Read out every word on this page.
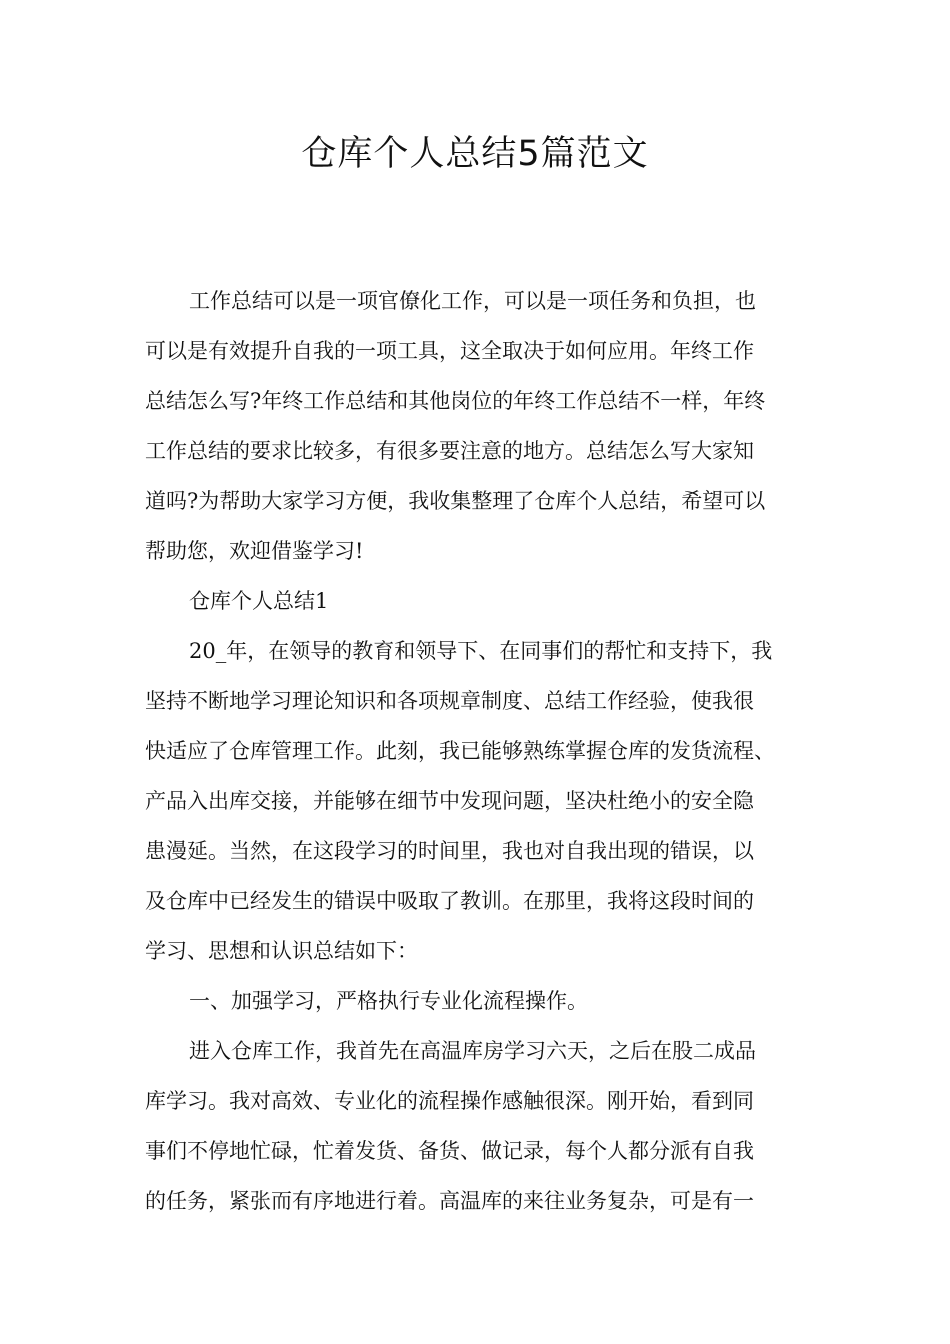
仓库个人总结5篇范文
工作总结可以是一项官僚化工作，可以是一项任务和负担，也
可以是有效提升自我的一项工具，这全取决于如何应用。年终工作
总结怎么写?年终工作总结和其他岗位的年终工作总结不一样，年终
工作总结的要求比较多，有很多要注意的地方。总结怎么写大家知
道吗?为帮助大家学习方便，我收集整理了仓库个人总结，希望可以
帮助您，欢迎借鉴学习!
仓库个人总结1
20_年，在领导的教育和领导下、在同事们的帮忙和支持下，我
坚持不断地学习理论知识和各项规章制度、总结工作经验，使我很
快适应了仓库管理工作。此刻，我已能够熟练掌握仓库的发货流程、
产品入出库交接，并能够在细节中发现问题，坚决杜绝小的安全隐
患漫延。当然，在这段学习的时间里，我也对自我出现的错误，以
及仓库中已经发生的错误中吸取了教训。在那里，我将这段时间的
学习、思想和认识总结如下：
一、加强学习，严格执行专业化流程操作。
进入仓库工作，我首先在高温库房学习六天，之后在股二成品
库学习。我对高效、专业化的流程操作感触很深。刚开始，看到同
事们不停地忙碌，忙着发货、备货、做记录，每个人都分派有自我
的任务，紧张而有序地进行着。高温库的来往业务复杂，可是有一
